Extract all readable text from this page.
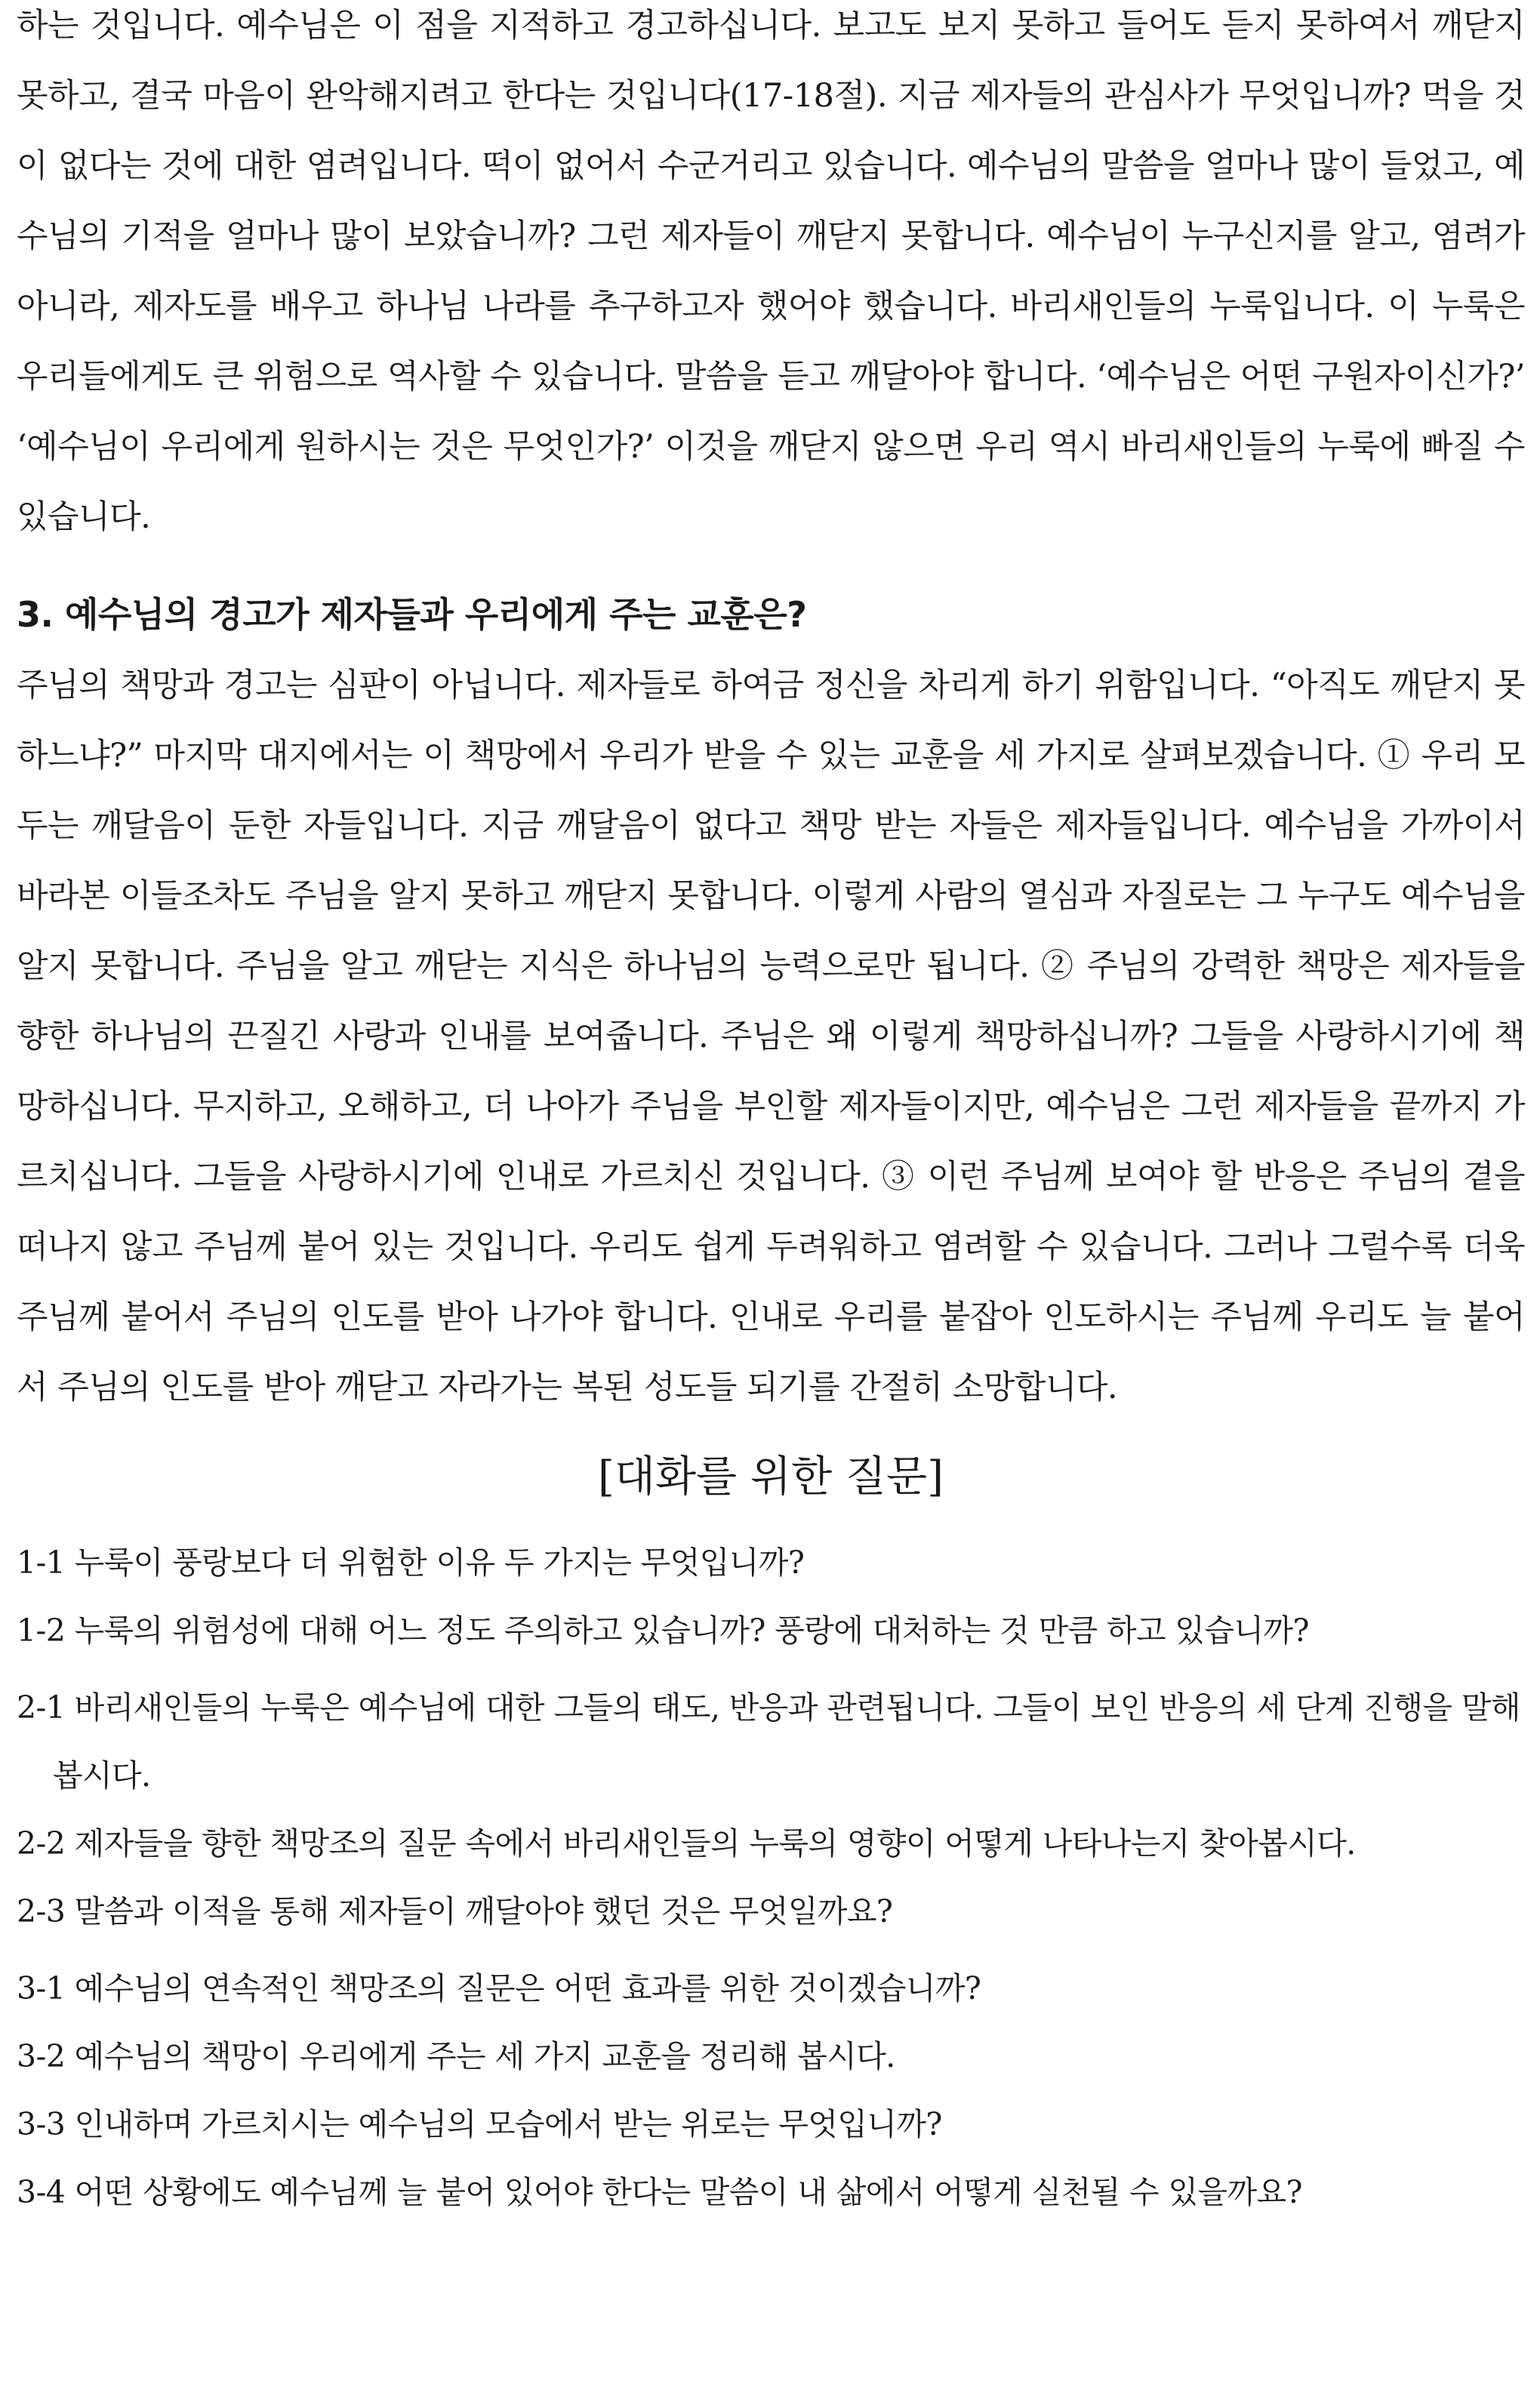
하는 것입니다. 예수님은 이 점을 지적하고 경고하십니다. 보고도 보지 못하고 들어도 듣지 못하여서 깨닫지 못하고, 결국 마음이 완악해지려고 한다는 것입니다(17-18절). 지금 제자들의 관심사가 무엇입니까? 먹을 것이 없다는 것에 대한 염려입니다. 떡이 없어서 수군거리고 있습니다. 예수님의 말씀을 얼마나 많이 들었고, 예수님의 기적을 얼마나 많이 보았습니까? 그런 제자들이 깨닫지 못합니다. 예수님이 누구신지를 알고, 염려가 아니라, 제자도를 배우고 하나님 나라를 추구하고자 했어야 했습니다. 바리새인들의 누룩입니다. 이 누룩은 우리들에게도 큰 위험으로 역사할 수 있습니다. 말씀을 듣고 깨달아야 합니다. ‘예수님은 어떤 구원자이신가?’ ‘예수님이 우리에게 원하시는 것은 무엇인가?’ 이것을 깨닫지 않으면 우리 역시 바리새인들의 누룩에 빠질 수 있습니다.

3. 예수님의 경고가 제자들과 우리에게 주는 교훈은?

주님의 책망과 경고는 심판이 아닙니다. 제자들로 하여금 정신을 차리게 하기 위함입니다. “아직도 깨닫지 못하느냐?” 마지막 대지에서는 이 책망에서 우리가 받을 수 있는 교훈을 세 가지로 살펴보겠습니다. ① 우리 모두는 깨달음이 둔한 자들입니다. 지금 깨달음이 없다고 책망 받는 자들은 제자들입니다. 예수님을 가까이서 바라본 이들조차도 주님을 알지 못하고 깨닫지 못합니다. 이렇게 사람의 열심과 자질로는 그 누구도 예수님을 알지 못합니다. 주님을 알고 깨닫는 지식은 하나님의 능력으로만 됩니다. ② 주님의 강력한 책망은 제자들을 향한 하나님의 끈질긴 사랑과 인내를 보여줍니다. 주님은 왜 이렇게 책망하십니까? 그들을 사랑하시기에 책망하십니다. 무지하고, 오해하고, 더 나아가 주님을 부인할 제자들이지만, 예수님은 그런 제자들을 끝까지 가르치십니다. 그들을 사랑하시기에 인내로 가르치신 것입니다. ③ 이런 주님께 보여야 할 반응은 주님의 곁을 떠나지 않고 주님께 붙어 있는 것입니다. 우리도 쉽게 두려워하고 염려할 수 있습니다. 그러나 그럴수록 더욱 주님께 붙어서 주님의 인도를 받아 나가야 합니다. 인내로 우리를 붙잡아 인도하시는 주님께 우리도 늘 붙어서 주님의 인도를 받아 깨닫고 자라가는 복된 성도들 되기를 간절히 소망합니다.

[대화를 위한 질문]

1-1 누룩이 풍랑보다 더 위험한 이유 두 가지는 무엇입니까?

1-2 누룩의 위험성에 대해 어느 정도 주의하고 있습니까? 풍랑에 대처하는 것 만큼 하고 있습니까?

2-1 바리새인들의 누룩은 예수님에 대한 그들의 태도, 반응과 관련됩니다. 그들이 보인 반응의 세 단계 진행을 말해 봅시다.

2-2 제자들을 향한 책망조의 질문 속에서 바리새인들의 누룩의 영향이 어떻게 나타나는지 찾아봅시다.

2-3 말씀과 이적을 통해 제자들이 깨달아야 했던 것은 무엇일까요?

3-1 예수님의 연속적인 책망조의 질문은 어떤 효과를 위한 것이겠습니까?

3-2 예수님의 책망이 우리에게 주는 세 가지 교훈을 정리해 봅시다.

3-3 인내하며 가르치시는 예수님의 모습에서 받는 위로는 무엇입니까?

3-4 어떤 상황에도 예수님께 늘 붙어 있어야 한다는 말씀이 내 삶에서 어떻게 실천될 수 있을까요?
